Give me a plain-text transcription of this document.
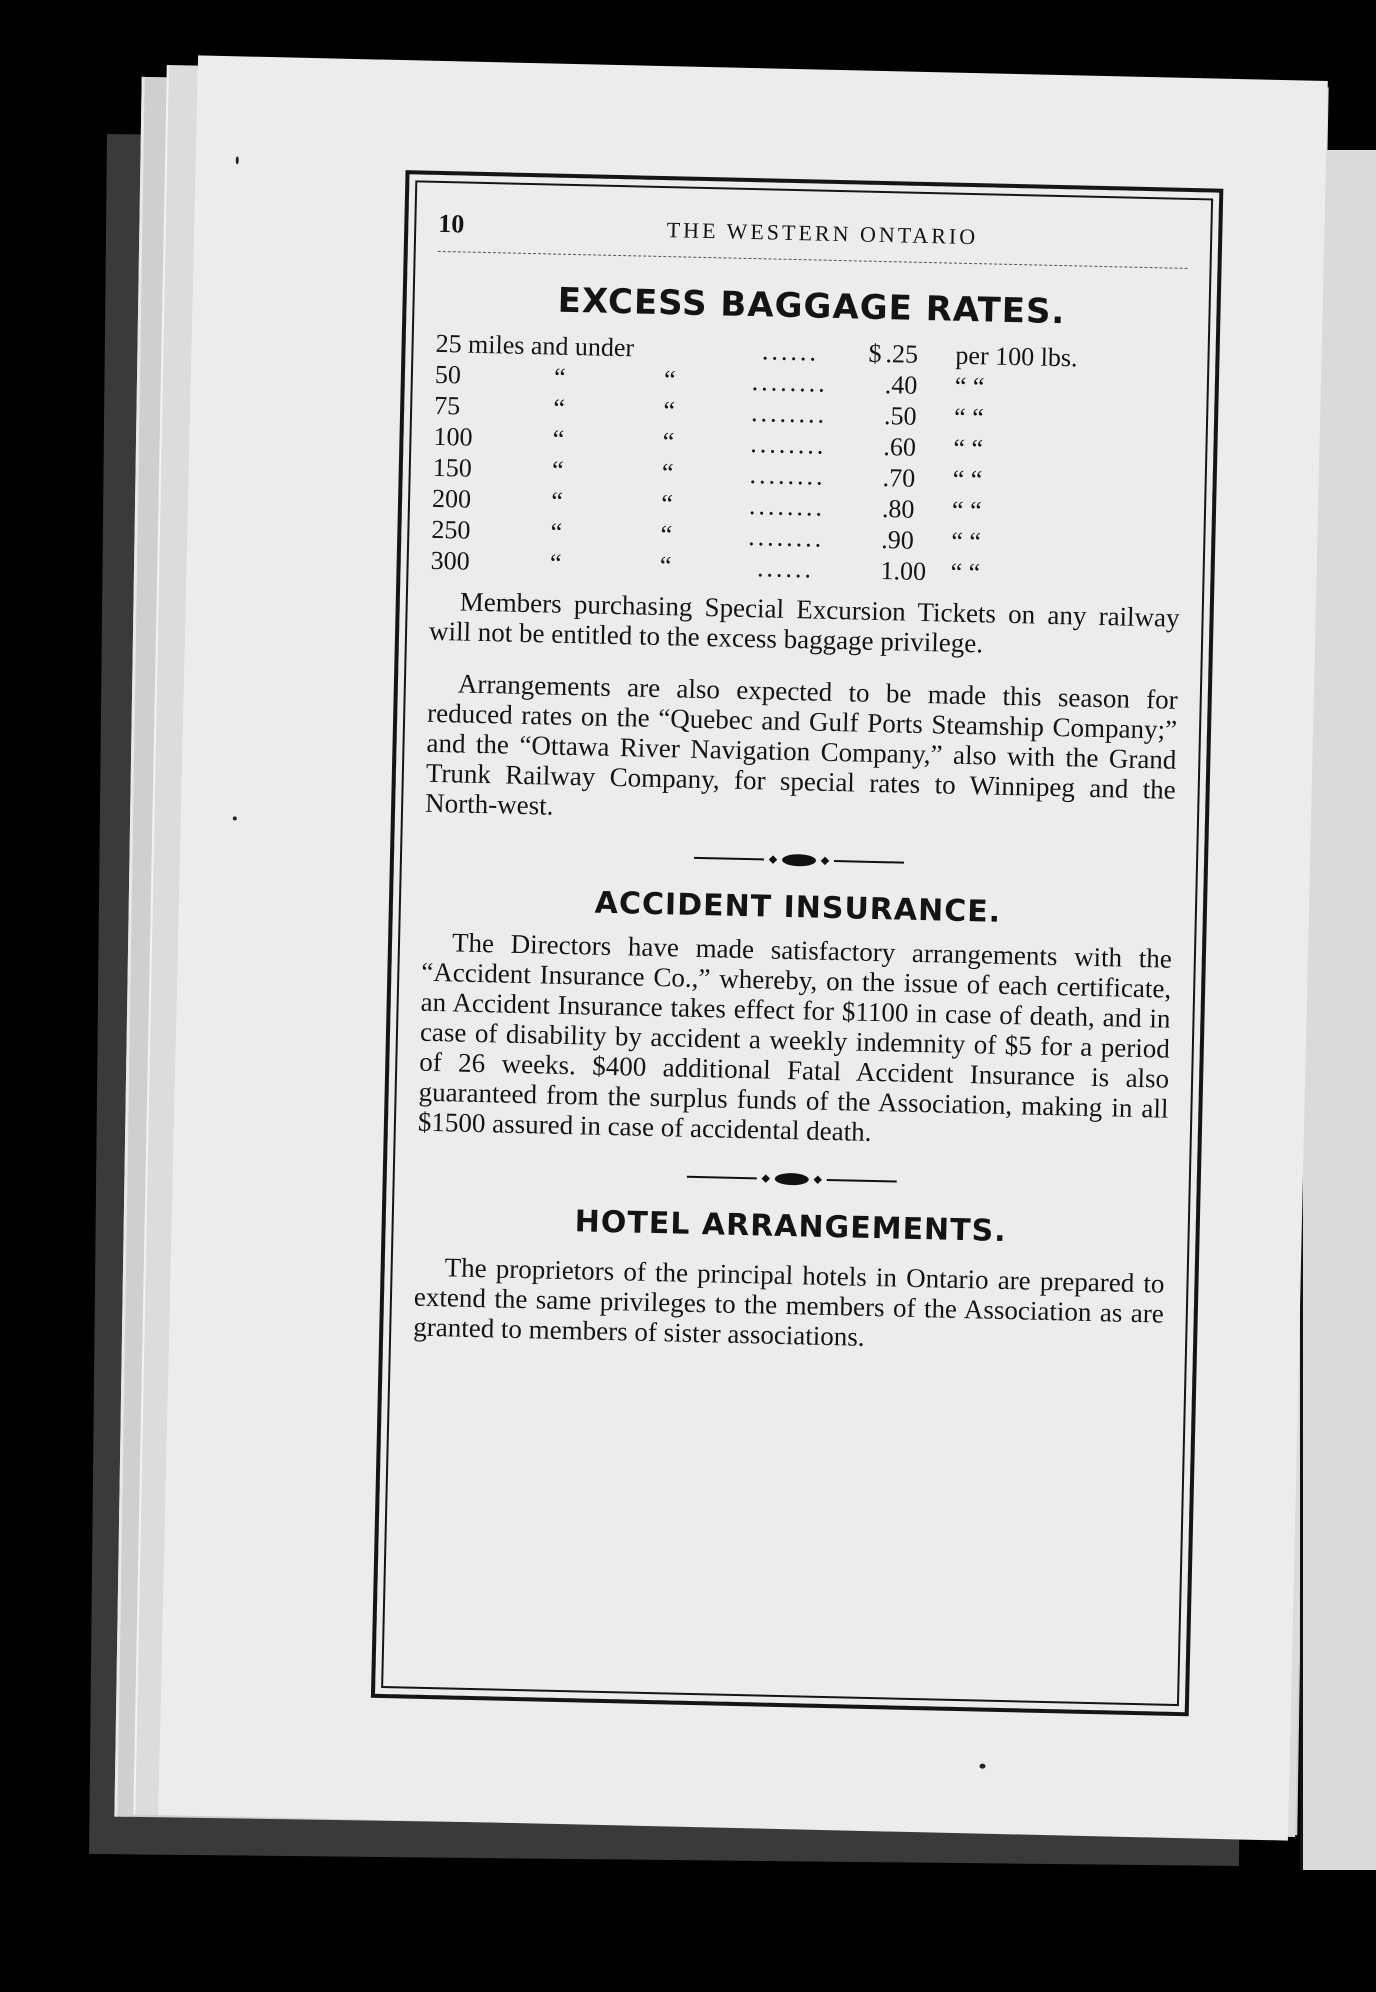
10	THE WESTERN ONTARIO
EXCESS BAGGAGE RATES.
25 miles and under			......	$	.25	per 100 lbs.
50	“	“	........		.40	“ “
75	“	“	........		.50	“ “
100	“	“	........		.60	“ “
150	“	“	........		.70	“ “
200	“	“	........		.80	“ “
250	“	“	........		.90	“ “
300	“	“	......		1.00	“ “

Members purchasing Special Excursion Tickets on any railway will not be entitled to the excess baggage privilege.

Arrangements are also expected to be made this season for reduced rates on the “Quebec and Gulf Ports Steamship Company;” and the “Ottawa River Navigation Company,” also with the Grand Trunk Railway Company, for special rates to Winnipeg and the North-west.

ACCIDENT INSURANCE.

The Directors have made satisfactory arrangements with the “Accident Insurance Co.,” whereby, on the issue of each certificate, an Accident Insurance takes effect for $1100 in case of death, and in case of disability by accident a weekly indemnity of $5 for a period of 26 weeks. $400 additional Fatal Accident Insurance is also guaranteed from the surplus funds of the Association, making in all $1500 assured in case of accidental death.

HOTEL ARRANGEMENTS.

The proprietors of the principal hotels in Ontario are prepared to extend the same privileges to the members of the Association as are granted to members of sister associations.
